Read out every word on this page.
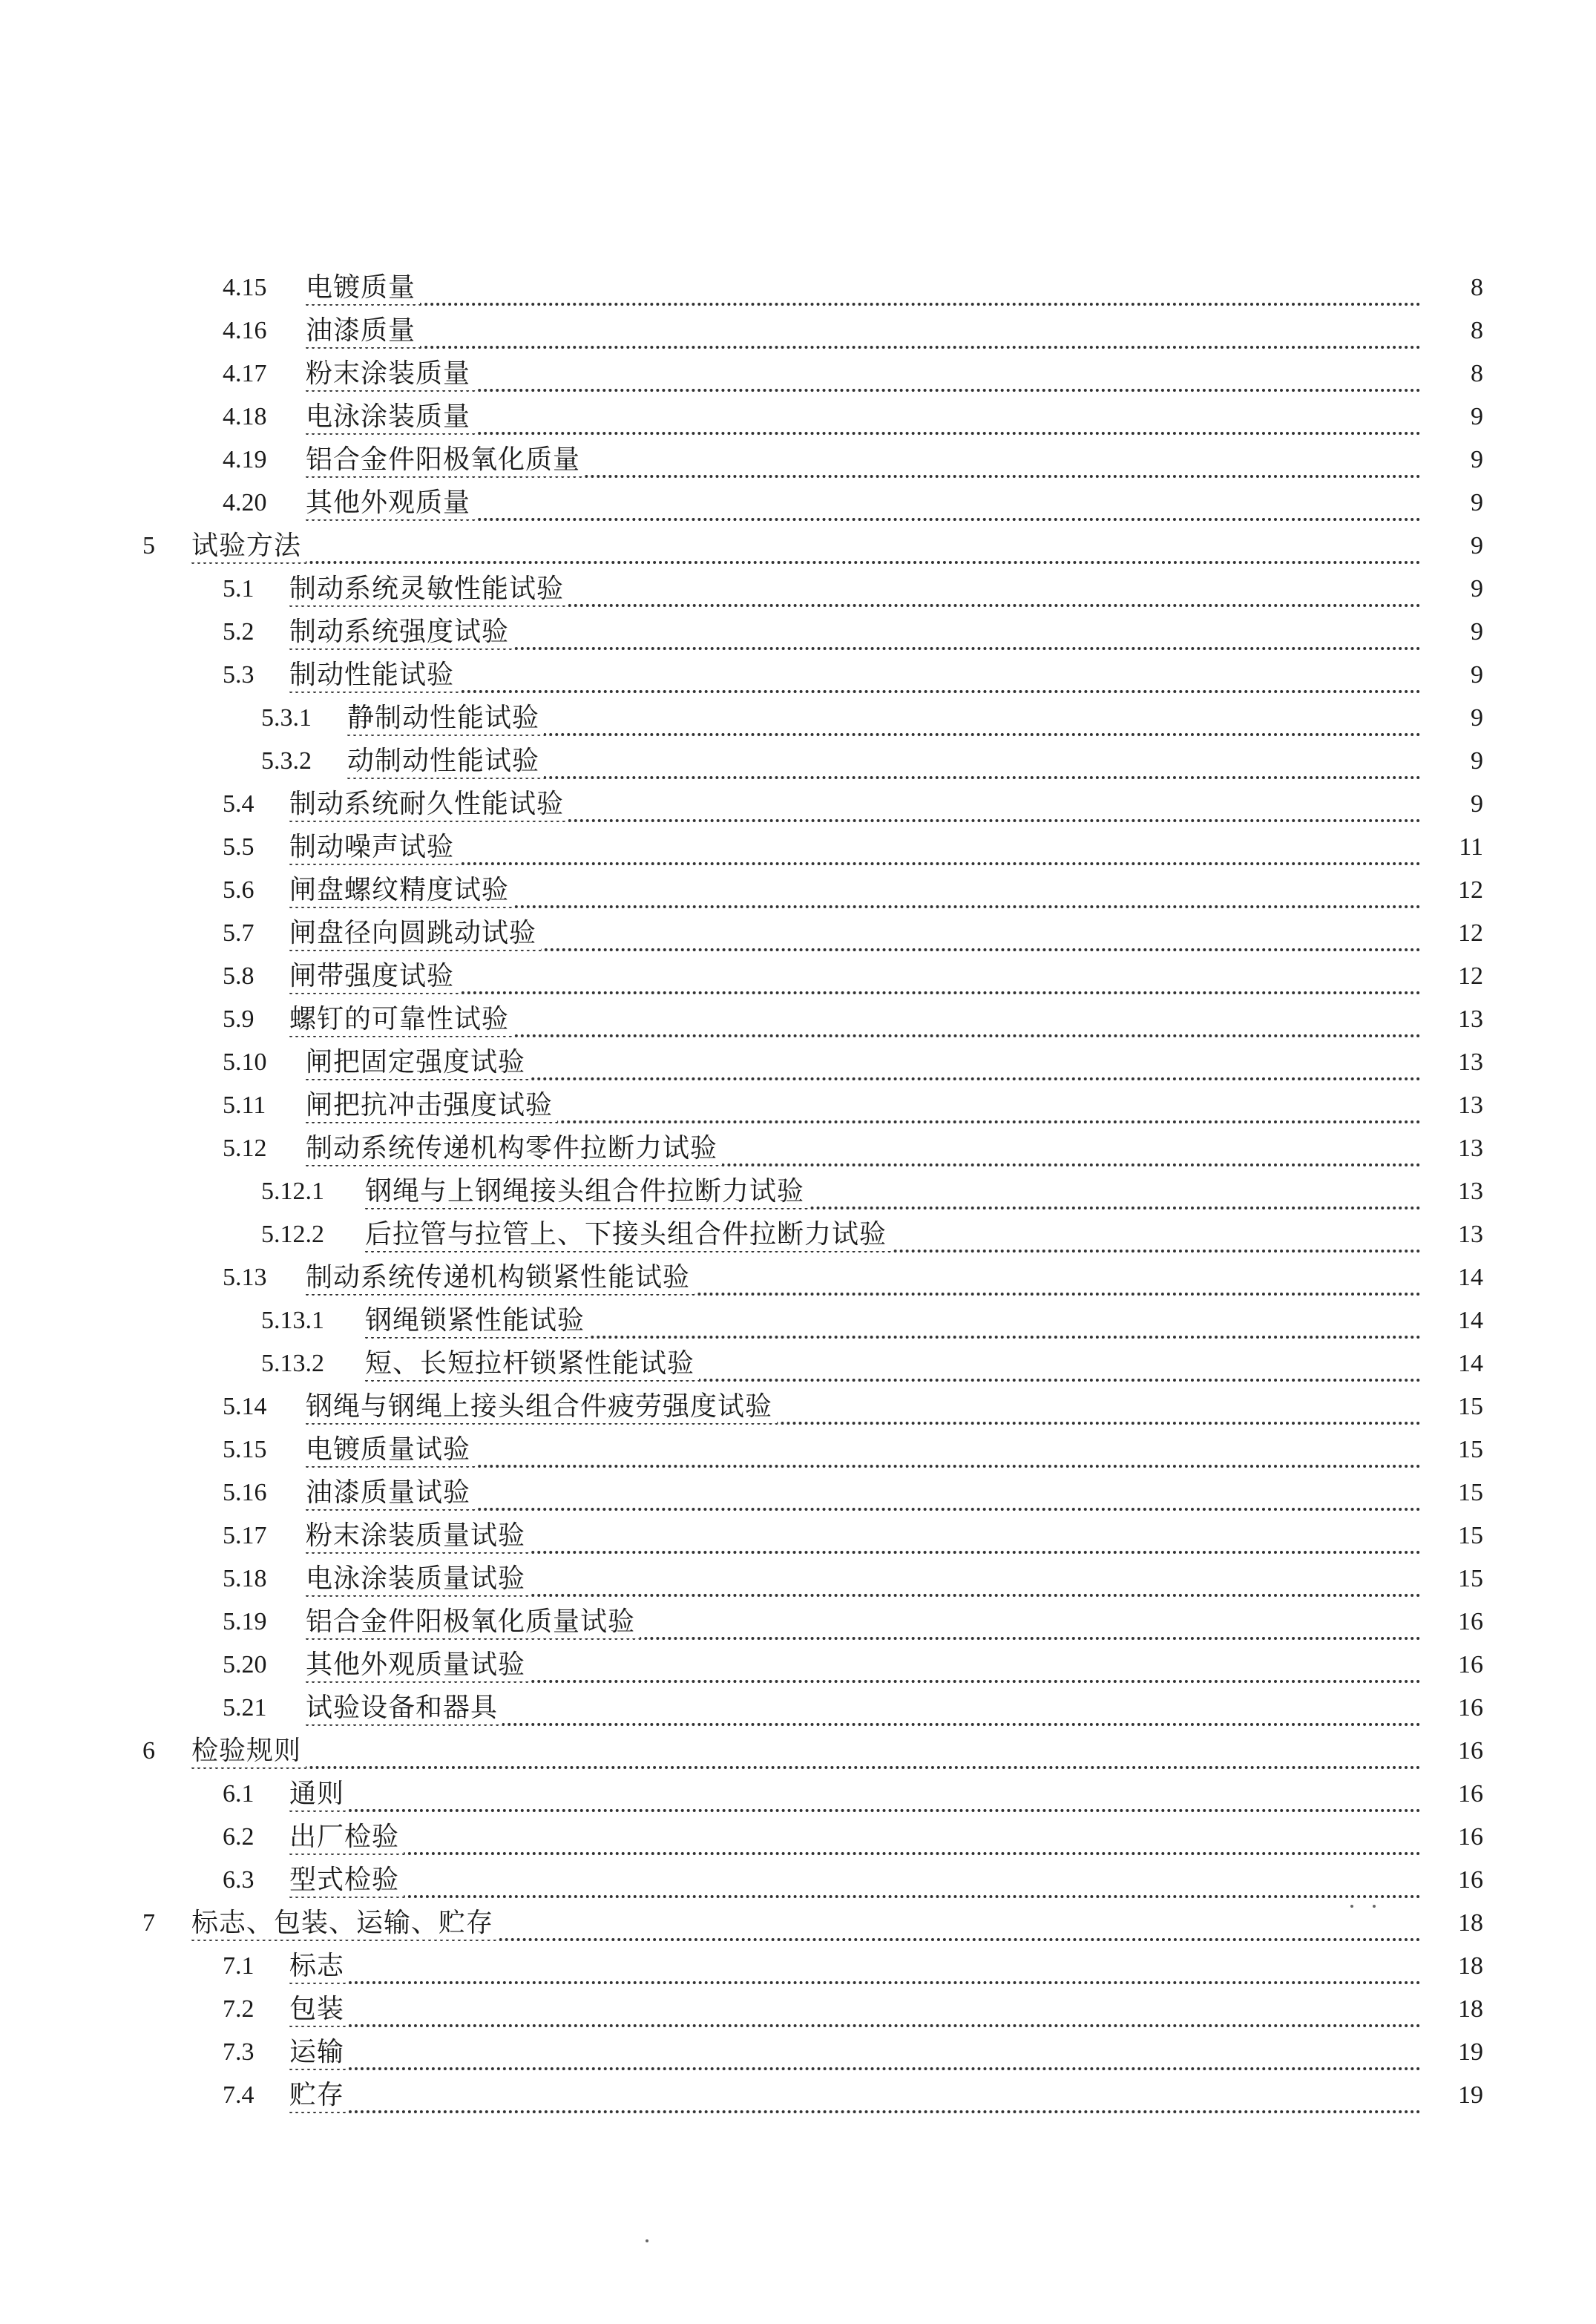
4.15 电镀质量	8
4.16 油漆质量	8
4.17 粉末涂装质量	8
4.18 电泳涂装质量	9
4.19 铝合金件阳极氧化质量	9
4.20 其他外观质量	9
5 试验方法	9
5.1 制动系统灵敏性能试验	9
5.2 制动系统强度试验	9
5.3 制动性能试验	9
5.3.1 静制动性能试验	9
5.3.2 动制动性能试验	9
5.4 制动系统耐久性能试验	9
5.5 制动噪声试验	11
5.6 闸盘螺纹精度试验	12
5.7 闸盘径向圆跳动试验	12
5.8 闸带强度试验	12
5.9 螺钉的可靠性试验	13
5.10 闸把固定强度试验	13
5.11 闸把抗冲击强度试验	13
5.12 制动系统传递机构零件拉断力试验	13
5.12.1 钢绳与上钢绳接头组合件拉断力试验	13
5.12.2 后拉管与拉管上、下接头组合件拉断力试验	13
5.13 制动系统传递机构锁紧性能试验	14
5.13.1 钢绳锁紧性能试验	14
5.13.2 短、长短拉杆锁紧性能试验	14
5.14 钢绳与钢绳上接头组合件疲劳强度试验	15
5.15 电镀质量试验	15
5.16 油漆质量试验	15
5.17 粉末涂装质量试验	15
5.18 电泳涂装质量试验	15
5.19 铝合金件阳极氧化质量试验	16
5.20 其他外观质量试验	16
5.21 试验设备和器具	16
6 检验规则	16
6.1 通则	16
6.2 出厂检验	16
6.3 型式检验	16
7 标志、包装、运输、贮存	18
7.1 标志	18
7.2 包装	18
7.3 运输	19
7.4 贮存	19
